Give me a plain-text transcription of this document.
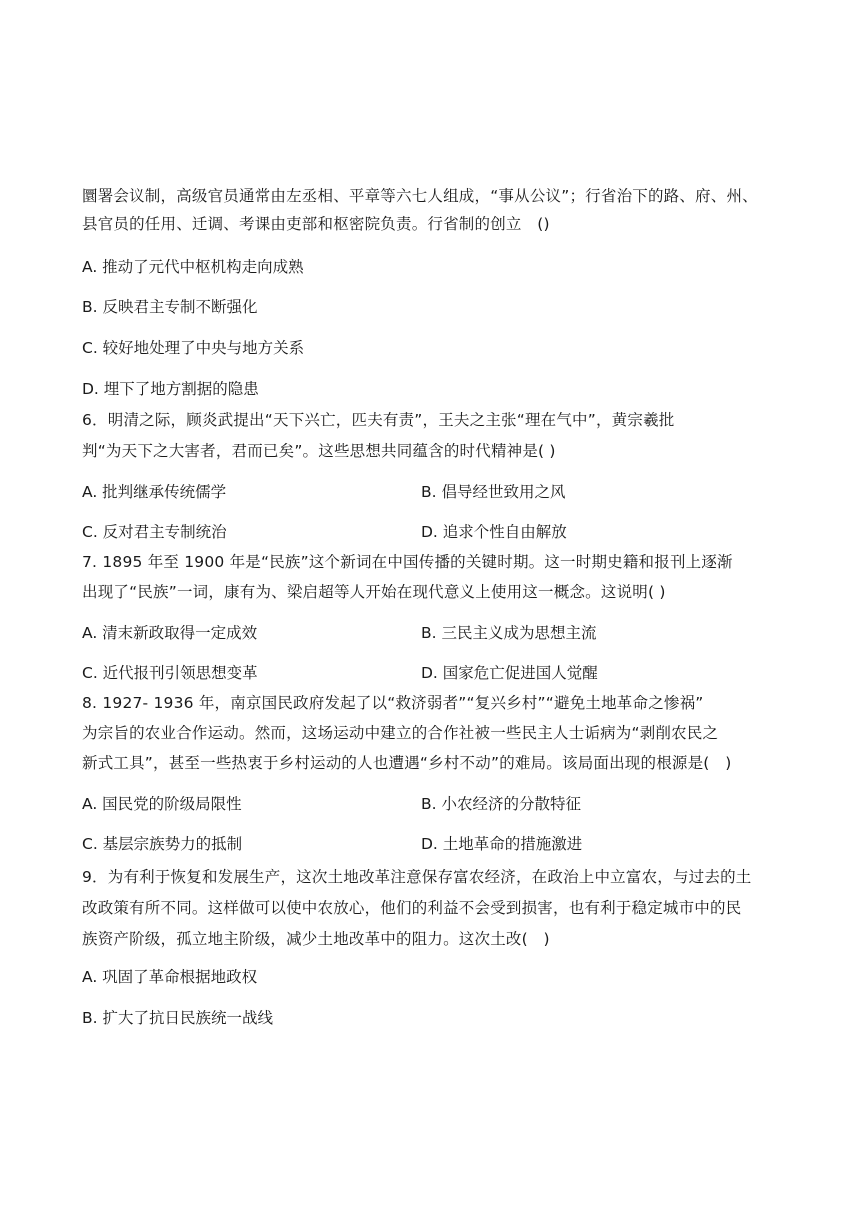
圜署会议制，高级官员通常由左丞相、平章等六七人组成，“事从公议”；行省治下的路、府、州、
县官员的任用、迁调、考课由吏部和枢密院负责。行省制的创立　()
A. 推动了元代中枢机构走向成熟
B. 反映君主专制不断强化
C. 较好地处理了中央与地方关系
D. 埋下了地方割据的隐患
6．明清之际，顾炎武提出“天下兴亡，匹夫有责”，王夫之主张“理在气中”，黄宗羲批
判“为天下之大害者，君而已矣”。这些思想共同蕴含的时代精神是( )
A. 批判继承传统儒学	B. 倡导经世致用之风
C. 反对君主专制统治	D. 追求个性自由解放
7. 1895 年至 1900 年是“民族”这个新词在中国传播的关键时期。这一时期史籍和报刊上逐渐
出现了“民族”一词，康有为、梁启超等人开始在现代意义上使用这一概念。这说明( )
A. 清末新政取得一定成效	B. 三民主义成为思想主流
C. 近代报刊引领思想变革	D. 国家危亡促进国人觉醒
8. 1927- 1936 年，南京国民政府发起了以“救济弱者”“复兴乡村”“避免土地革命之惨祸”
为宗旨的农业合作运动。然而，这场运动中建立的合作社被一些民主人士诟病为“剥削农民之
新式工具”，甚至一些热衷于乡村运动的人也遭遇“乡村不动”的难局。该局面出现的根源是(　)
A. 国民党的阶级局限性	B. 小农经济的分散特征
C. 基层宗族势力的抵制	D. 土地革命的措施激进
9．为有利于恢复和发展生产，这次土地改革注意保存富农经济，在政治上中立富农，与过去的土
改政策有所不同。这样做可以使中农放心，他们的利益不会受到损害，也有利于稳定城市中的民
族资产阶级，孤立地主阶级，减少土地改革中的阻力。这次土改(　)
A. 巩固了革命根据地政权
B. 扩大了抗日民族统一战线
